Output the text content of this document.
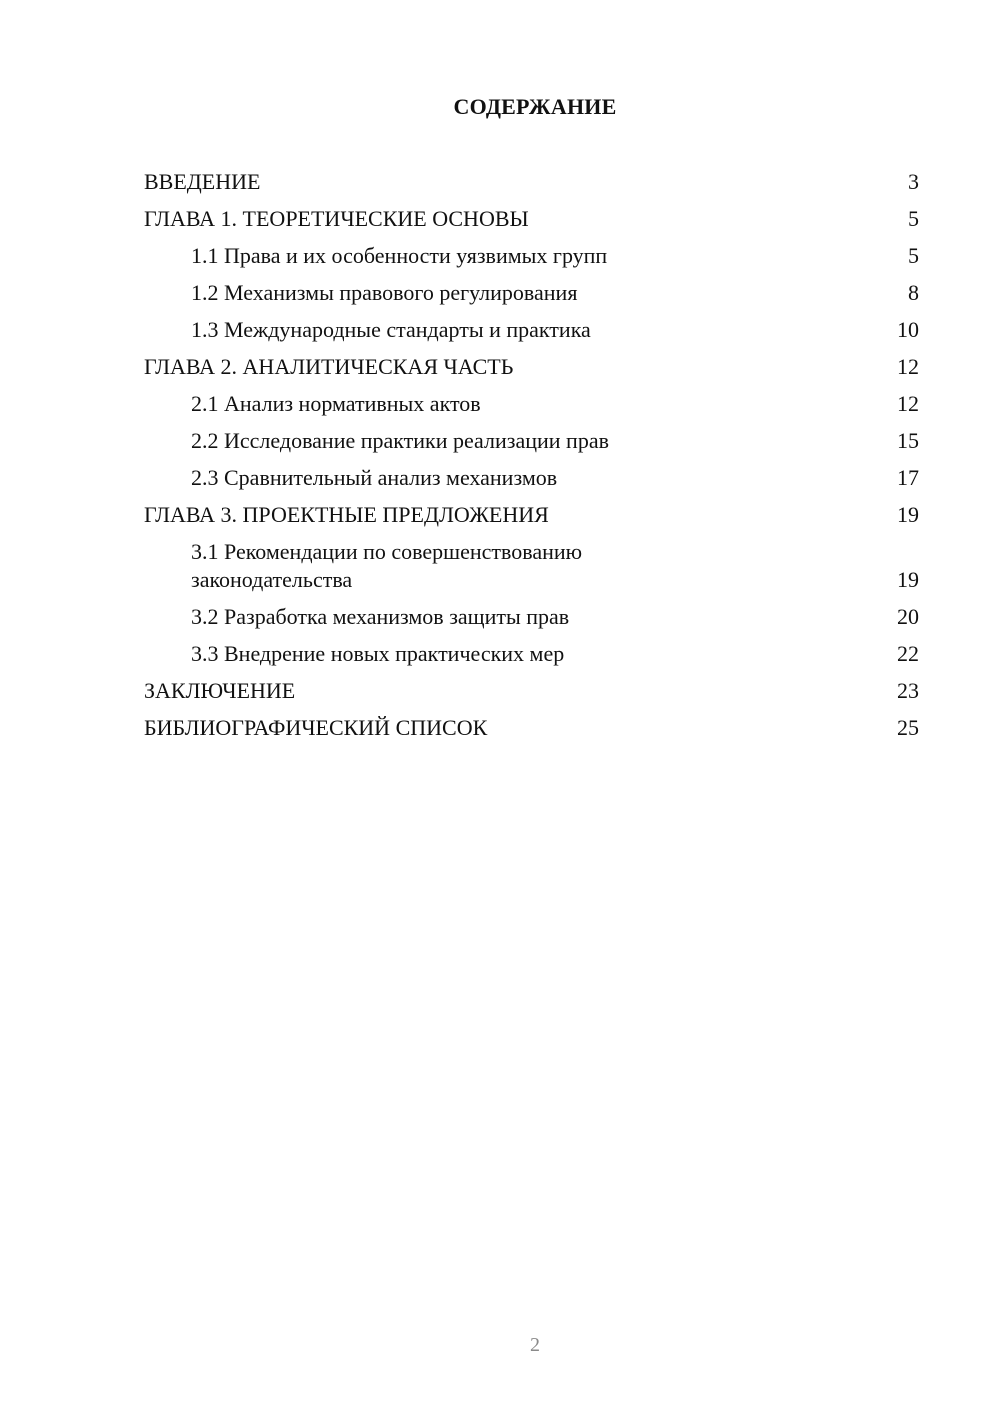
СОДЕРЖАНИЕ
ВВЕДЕНИЕ	3
ГЛАВА 1. ТЕОРЕТИЧЕСКИЕ ОСНОВЫ	5
1.1 Права и их особенности уязвимых групп	5
1.2 Механизмы правового регулирования	8
1.3 Международные стандарты и практика	10
ГЛАВА 2. АНАЛИТИЧЕСКАЯ ЧАСТЬ	12
2.1 Анализ нормативных актов	12
2.2 Исследование практики реализации прав	15
2.3 Сравнительный анализ механизмов	17
ГЛАВА 3. ПРОЕКТНЫЕ ПРЕДЛОЖЕНИЯ	19
3.1 Рекомендации по совершенствованию
законодательства	19
3.2 Разработка механизмов защиты прав	20
3.3 Внедрение новых практических мер	22
ЗАКЛЮЧЕНИЕ	23
БИБЛИОГРАФИЧЕСКИЙ СПИСОК	25
2
